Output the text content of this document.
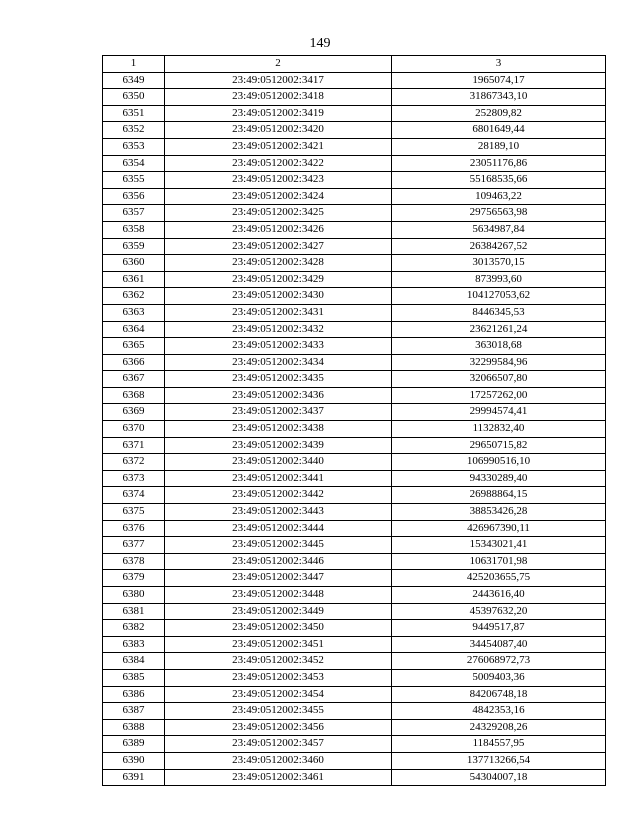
149
1	2	3
6349	23:49:0512002:3417	1965074,17
6350	23:49:0512002:3418	31867343,10
6351	23:49:0512002:3419	252809,82
6352	23:49:0512002:3420	6801649,44
6353	23:49:0512002:3421	28189,10
6354	23:49:0512002:3422	23051176,86
6355	23:49:0512002:3423	55168535,66
6356	23:49:0512002:3424	109463,22
6357	23:49:0512002:3425	29756563,98
6358	23:49:0512002:3426	5634987,84
6359	23:49:0512002:3427	26384267,52
6360	23:49:0512002:3428	3013570,15
6361	23:49:0512002:3429	873993,60
6362	23:49:0512002:3430	104127053,62
6363	23:49:0512002:3431	8446345,53
6364	23:49:0512002:3432	23621261,24
6365	23:49:0512002:3433	363018,68
6366	23:49:0512002:3434	32299584,96
6367	23:49:0512002:3435	32066507,80
6368	23:49:0512002:3436	17257262,00
6369	23:49:0512002:3437	29994574,41
6370	23:49:0512002:3438	1132832,40
6371	23:49:0512002:3439	29650715,82
6372	23:49:0512002:3440	106990516,10
6373	23:49:0512002:3441	94330289,40
6374	23:49:0512002:3442	26988864,15
6375	23:49:0512002:3443	38853426,28
6376	23:49:0512002:3444	426967390,11
6377	23:49:0512002:3445	15343021,41
6378	23:49:0512002:3446	10631701,98
6379	23:49:0512002:3447	425203655,75
6380	23:49:0512002:3448	2443616,40
6381	23:49:0512002:3449	45397632,20
6382	23:49:0512002:3450	9449517,87
6383	23:49:0512002:3451	34454087,40
6384	23:49:0512002:3452	276068972,73
6385	23:49:0512002:3453	5009403,36
6386	23:49:0512002:3454	84206748,18
6387	23:49:0512002:3455	4842353,16
6388	23:49:0512002:3456	24329208,26
6389	23:49:0512002:3457	1184557,95
6390	23:49:0512002:3460	137713266,54
6391	23:49:0512002:3461	54304007,18
